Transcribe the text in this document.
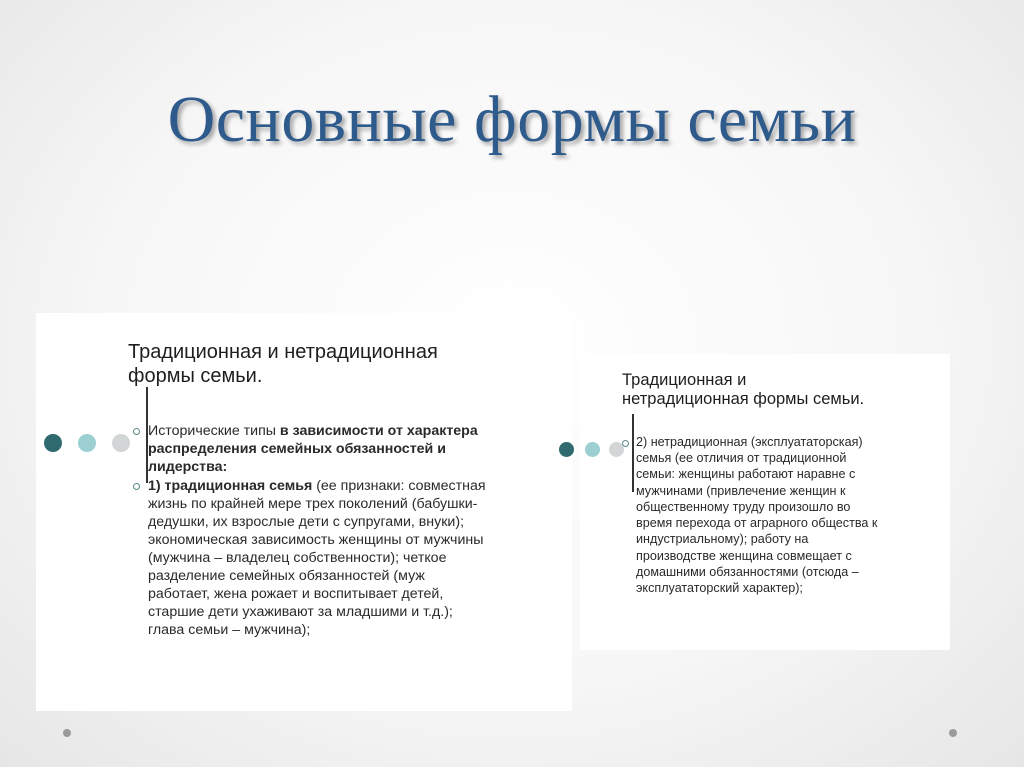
Основные формы семьи
Традиционная и нетрадиционная
формы семьи.
Исторические типы в зависимости от характера
распределения семейных обязанностей и
лидерства:
1) традиционная семья (ее признаки: совместная
жизнь по крайней мере трех поколений (бабушки-
дедушки, их взрослые дети с супругами, внуки);
экономическая зависимость женщины от мужчины
(мужчина – владелец собственности); четкое
разделение семейных обязанностей (муж
работает, жена рожает и воспитывает детей,
старшие дети ухаживают за младшими и т.д.);
глава семьи – мужчина);
Традиционная и
нетрадиционная формы семьи.
2) нетрадиционная (эксплуататорская)
семья (ее отличия от традиционной
семьи: женщины работают наравне с
мужчинами (привлечение женщин к
общественному труду произошло во
время перехода от аграрного общества к
индустриальному); работу на
производстве женщина совмещает с
домашними обязанностями (отсюда –
эксплуататорский характер);
